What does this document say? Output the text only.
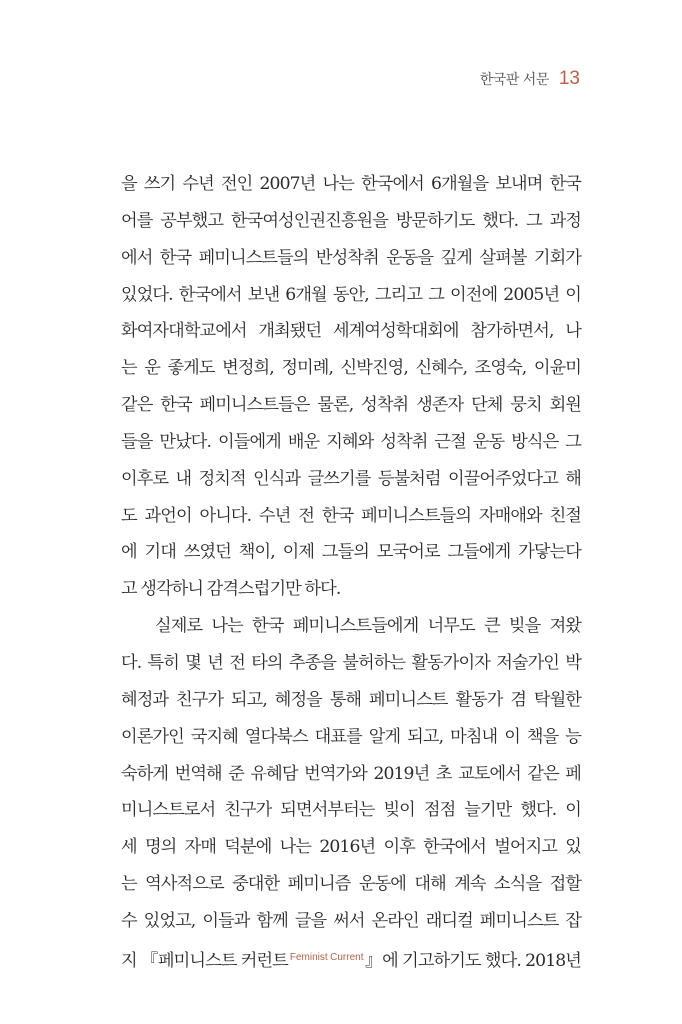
한국판 서문 13
을 쓰기 수년 전인 2007년 나는 한국에서 6개월을 보내며 한국
어를 공부했고 한국여성인권진흥원을 방문하기도 했다. 그 과정
에서 한국 페미니스트들의 반성착취 운동을 깊게 살펴볼 기회가
있었다. 한국에서 보낸 6개월 동안, 그리고 그 이전에 2005년 이
화여자대학교에서 개최됐던 세계여성학대회에 참가하면서, 나
는 운 좋게도 변정희, 정미례, 신박진영, 신혜수, 조영숙, 이윤미
같은 한국 페미니스트들은 물론, 성착취 생존자 단체 뭉치 회원
들을 만났다. 이들에게 배운 지혜와 성착취 근절 운동 방식은 그
이후로 내 정치적 인식과 글쓰기를 등불처럼 이끌어주었다고 해
도 과언이 아니다. 수년 전 한국 페미니스트들의 자매애와 친절
에 기대 쓰였던 책이, 이제 그들의 모국어로 그들에게 가닿는다
고 생각하니 감격스럽기만 하다.
실제로 나는 한국 페미니스트들에게 너무도 큰 빚을 져왔
다. 특히 몇 년 전 타의 추종을 불허하는 활동가이자 저술가인 박
혜정과 친구가 되고, 혜정을 통해 페미니스트 활동가 겸 탁월한
이론가인 국지혜 열다북스 대표를 알게 되고, 마침내 이 책을 능
숙하게 번역해 준 유혜담 번역가와 2019년 초 교토에서 같은 페
미니스트로서 친구가 되면서부터는 빚이 점점 늘기만 했다. 이
세 명의 자매 덕분에 나는 2016년 이후 한국에서 벌어지고 있
는 역사적으로 중대한 페미니즘 운동에 대해 계속 소식을 접할
수 있었고, 이들과 함께 글을 써서 온라인 래디컬 페미니스트 잡
지 『페미니스트 커런트 $^{Feminist Current}$』에 기고하기도 했다. 2018년
